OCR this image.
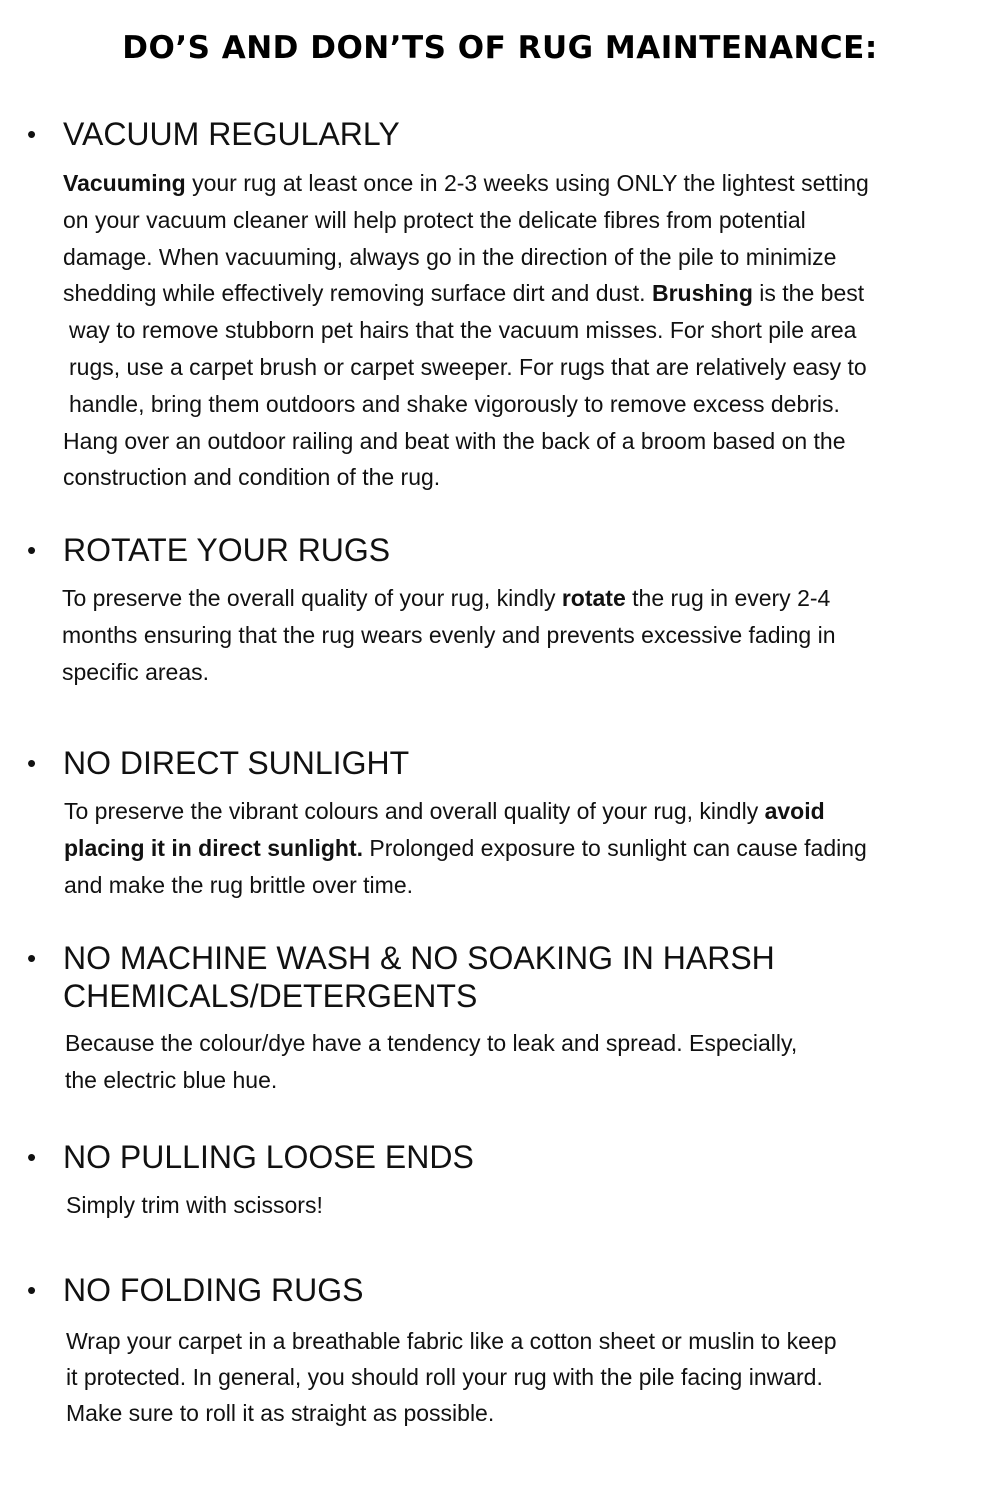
DO’S AND DON’TS OF RUG MAINTENANCE:
• VACUUM REGULARLY

Vacuuming your rug at least once in 2-3 weeks using ONLY the lightest setting
on your vacuum cleaner will help protect the delicate fibres from potential
damage. When vacuuming, always go in the direction of the pile to minimize
shedding while effectively removing surface dirt and dust. Brushing is the best
way to remove stubborn pet hairs that the vacuum misses. For short pile area
rugs, use a carpet brush or carpet sweeper. For rugs that are relatively easy to
handle, bring them outdoors and shake vigorously to remove excess debris.
Hang over an outdoor railing and beat with the back of a broom based on the
construction and condition of the rug.

• ROTATE YOUR RUGS

To preserve the overall quality of your rug, kindly rotate the rug in every 2-4
months ensuring that the rug wears evenly and prevents excessive fading in
specific areas.

• NO DIRECT SUNLIGHT

To preserve the vibrant colours and overall quality of your rug, kindly avoid
placing it in direct sunlight. Prolonged exposure to sunlight can cause fading
and make the rug brittle over time.

• NO MACHINE WASH & NO SOAKING IN HARSH
CHEMICALS/DETERGENTS

Because the colour/dye have a tendency to leak and spread. Especially,
the electric blue hue.

• NO PULLING LOOSE ENDS

Simply trim with scissors!

• NO FOLDING RUGS

Wrap your carpet in a breathable fabric like a cotton sheet or muslin to keep
it protected. In general, you should roll your rug with the pile facing inward.
Make sure to roll it as straight as possible.
